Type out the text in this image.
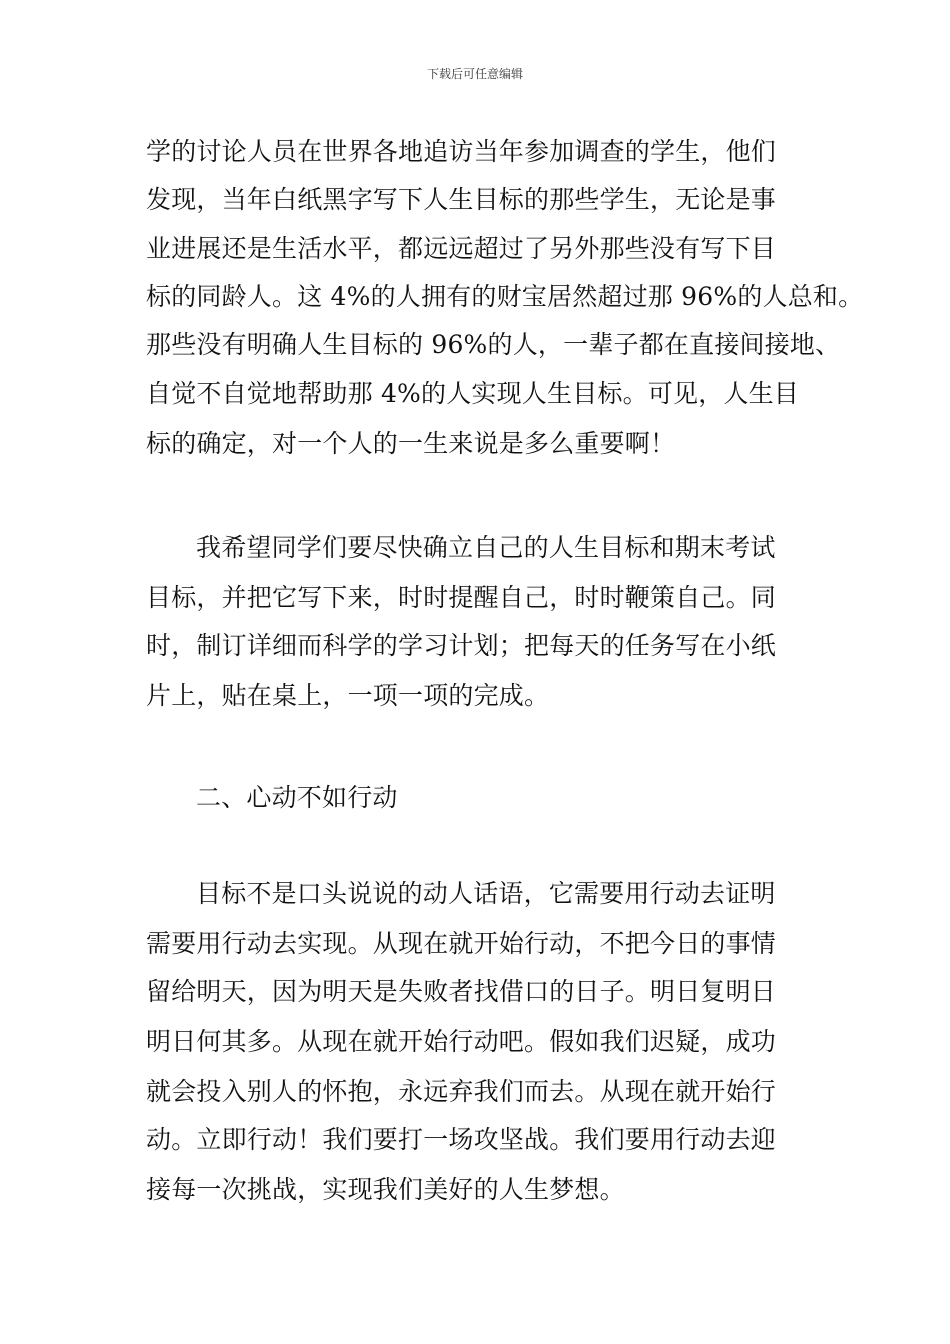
下载后可任意编辑
学的讨论人员在世界各地追访当年参加调查的学生，他们
发现，当年白纸黑字写下人生目标的那些学生，无论是事
业进展还是生活水平，都远远超过了另外那些没有写下目
标的同龄人。这 4%的人拥有的财宝居然超过那 96%的人总和。
那些没有明确人生目标的 96%的人，一辈子都在直接间接地、
自觉不自觉地帮助那 4%的人实现人生目标。可见，人生目
标的确定，对一个人的一生来说是多么重要啊！
我希望同学们要尽快确立自己的人生目标和期末考试
目标，并把它写下来，时时提醒自己，时时鞭策自己。同
时，制订详细而科学的学习计划；把每天的任务写在小纸
片上，贴在桌上，一项一项的完成。
二、心动不如行动
目标不是口头说说的动人话语，它需要用行动去证明
需要用行动去实现。从现在就开始行动，不把今日的事情
留给明天，因为明天是失败者找借口的日子。明日复明日
明日何其多。从现在就开始行动吧。假如我们迟疑，成功
就会投入别人的怀抱，永远弃我们而去。从现在就开始行
动。立即行动！我们要打一场攻坚战。我们要用行动去迎
接每一次挑战，实现我们美好的人生梦想。
